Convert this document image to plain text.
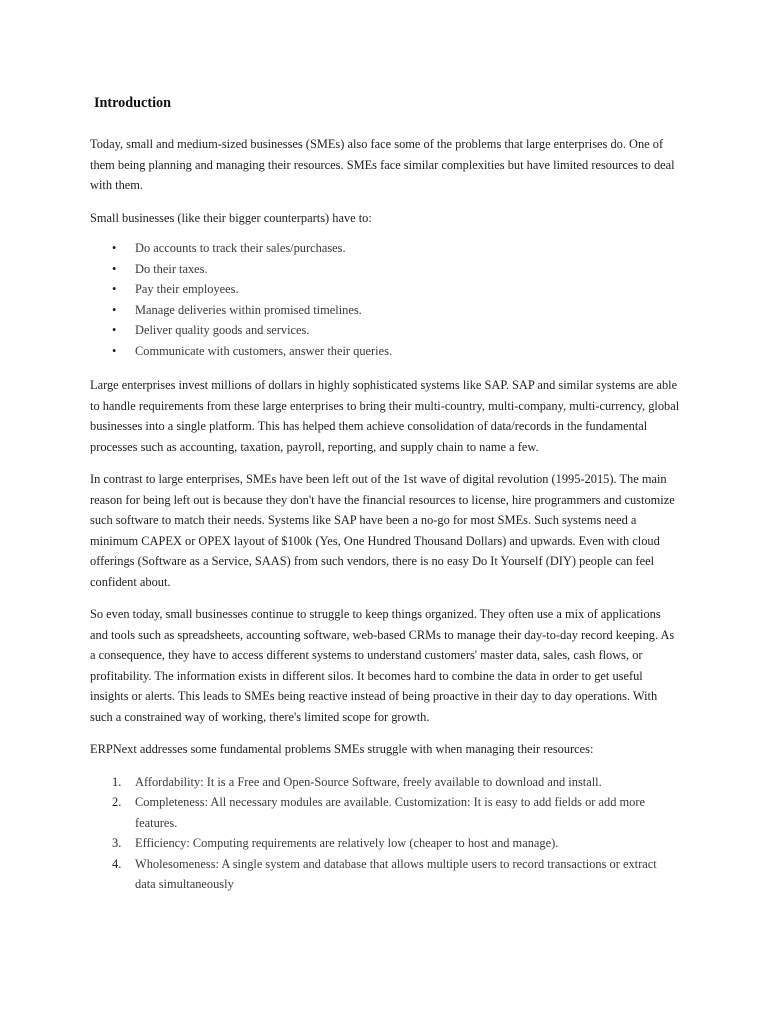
Introduction

Today, small and medium-sized businesses (SMEs) also face some of the problems that large enterprises do. One of them being planning and managing their resources. SMEs face similar complexities but have limited resources to deal with them.

Small businesses (like their bigger counterparts) have to:

• Do accounts to track their sales/purchases.
• Do their taxes.
• Pay their employees.
• Manage deliveries within promised timelines.
• Deliver quality goods and services.
• Communicate with customers, answer their queries.

Large enterprises invest millions of dollars in highly sophisticated systems like SAP. SAP and similar systems are able to handle requirements from these large enterprises to bring their multi-country, multi-company, multi-currency, global businesses into a single platform. This has helped them achieve consolidation of data/records in the fundamental processes such as accounting, taxation, payroll, reporting, and supply chain to name a few.

In contrast to large enterprises, SMEs have been left out of the 1st wave of digital revolution (1995-2015). The main reason for being left out is because they don't have the financial resources to license, hire programmers and customize such software to match their needs. Systems like SAP have been a no-go for most SMEs. Such systems need a minimum CAPEX or OPEX layout of $100k (Yes, One Hundred Thousand Dollars) and upwards. Even with cloud offerings (Software as a Service, SAAS) from such vendors, there is no easy Do It Yourself (DIY) people can feel confident about.

So even today, small businesses continue to struggle to keep things organized. They often use a mix of applications and tools such as spreadsheets, accounting software, web-based CRMs to manage their day-to-day record keeping. As a consequence, they have to access different systems to understand customers' master data, sales, cash flows, or profitability. The information exists in different silos. It becomes hard to combine the data in order to get useful insights or alerts. This leads to SMEs being reactive instead of being proactive in their day to day operations. With such a constrained way of working, there's limited scope for growth.

ERPNext addresses some fundamental problems SMEs struggle with when managing their resources:

1. Affordability: It is a Free and Open-Source Software, freely available to download and install.
2. Completeness: All necessary modules are available. Customization: It is easy to add fields or add more features.
3. Efficiency: Computing requirements are relatively low (cheaper to host and manage).
4. Wholesomeness: A single system and database that allows multiple users to record transactions or extract data simultaneously
